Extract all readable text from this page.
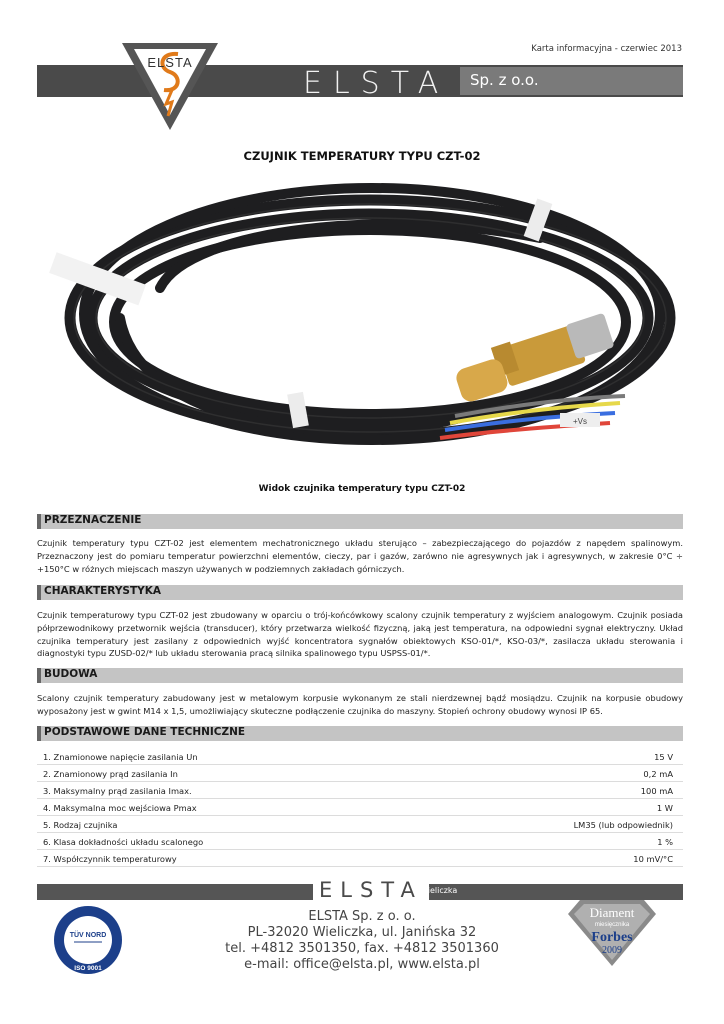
Karta informacyjna - czerwiec 2013
ELSTA Sp. z o.o.
ELSTA
CZUJNIK TEMPERATURY TYPU CZT-02
+Vs
Widok czujnika temperatury typu CZT-02
PRZEZNACZENIE
Czujnik temperatury typu CZT-02 jest elementem mechatronicznego układu sterująco – zabezpieczającego do pojazdów z napędem spalinowym. Przeznaczony jest do pomiaru temperatur powierzchni elementów, cieczy, par i gazów, zarówno nie agresywnych jak i agresywnych, w zakresie 0°C ÷ +150°C w różnych miejscach maszyn używanych w podziemnych zakładach górniczych.
CHARAKTERYSTYKA
Czujnik temperaturowy typu CZT-02 jest zbudowany w oparciu o trój-końcówkowy scalony czujnik temperatury z wyjściem analogowym. Czujnik posiada półprzewodnikowy przetwornik wejścia (transducer), który przetwarza wielkość fizyczną, jaką jest temperatura, na odpowiedni sygnał elektryczny. Układ czujnika temperatury jest zasilany z odpowiednich wyjść koncentratora sygnałów obiektowych KSO-01/*, KSO-03/*, zasilacza układu sterowania i diagnostyki typu ZUSD-02/* lub układu sterowania pracą silnika spalinowego typu USPSS-01/*.
BUDOWA
Scalony czujnik temperatury zabudowany jest w metalowym korpusie wykonanym ze stali nierdzewnej bądź mosiądzu. Czujnik na korpusie obudowy wyposażony jest w gwint M14 x 1,5, umożliwiający skuteczne podłączenie czujnika do maszyny. Stopień ochrony obudowy wynosi IP 65.
PODSTAWOWE DANE TECHNICZNE
1. Znamionowe napięcie zasilania Un	15 V
2. Znamionowy prąd zasilania In	0,2 mA
3. Maksymalny prąd zasilania Imax.	100 mA
4. Maksymalna moc wejściowa Pmax	1 W
5. Rodzaj czujnika	LM35 (lub odpowiednik)
6. Klasa dokładności układu scalonego	1 %
7. Współczynnik temperaturowy	10 mV/°C
ELSTA
Wieliczka
ELSTA Sp. z o. o.
PL-32020 Wieliczka, ul. Janińska 32
tel. +4812 3501350, fax. +4812 3501360
e-mail: office@elsta.pl, www.elsta.pl
TÜV NORD
ISO 9001
Diament
miesięcznika
Forbes
2009
